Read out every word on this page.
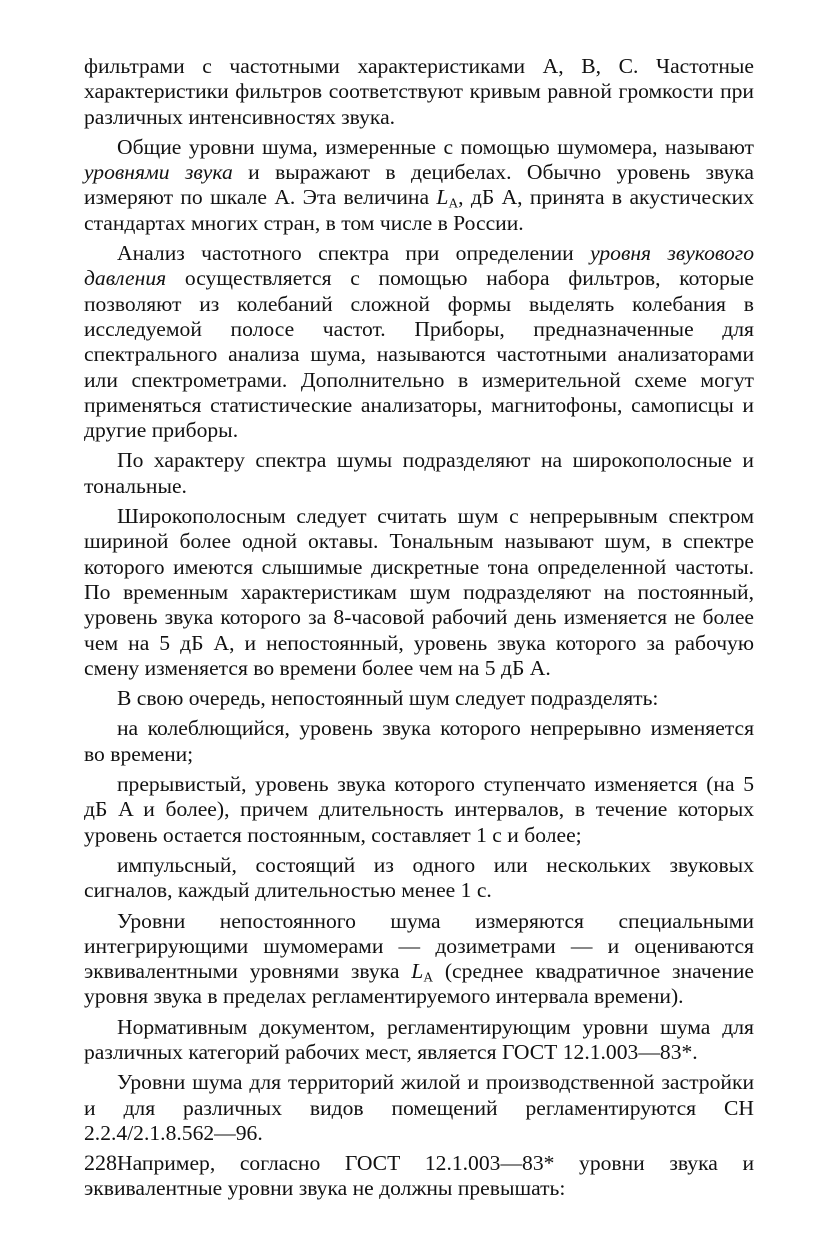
фильтрами с частотными характеристиками A, B, C. Частотные характеристики фильтров соответствуют кривым равной громкости при различных интенсивностях звука.

Общие уровни шума, измеренные с помощью шумомера, называют уровнями звука и выражают в децибелах. Обычно уровень звука измеряют по шкале A. Эта величина $L_A$, дБ A, принята в акустических стандартах многих стран, в том числе в России.

Анализ частотного спектра при определении уровня звукового давления осуществляется с помощью набора фильтров, которые позволяют из колебаний сложной формы выделять колебания в исследуемой полосе частот. Приборы, предназначенные для спектрального анализа шума, называются частотными анализаторами или спектрометрами. Дополнительно в измерительной схеме могут применяться статистические анализаторы, магнитофоны, самописцы и другие приборы.

По характеру спектра шумы подразделяют на широкополосные и тональные.

Широкополосным следует считать шум с непрерывным спектром шириной более одной октавы. Тональным называют шум, в спектре которого имеются слышимые дискретные тона определенной частоты. По временным характеристикам шум подразделяют на постоянный, уровень звука которого за 8-часовой рабочий день изменяется не более чем на 5 дБ A, и непостоянный, уровень звука которого за рабочую смену изменяется во времени более чем на 5 дБ A.

В свою очередь, непостоянный шум следует подразделять:

на колеблющийся, уровень звука которого непрерывно изменяется во времени;

прерывистый, уровень звука которого ступенчато изменяется (на 5 дБ A и более), причем длительность интервалов, в течение которых уровень остается постоянным, составляет 1 с и более;

импульсный, состоящий из одного или нескольких звуковых сигналов, каждый длительностью менее 1 с.

Уровни непостоянного шума измеряются специальными интегрирующими шумомерами — дозиметрами — и оцениваются эквивалентными уровнями звука $L_A$ (среднее квадратичное значение уровня звука в пределах регламентируемого интервала времени).

Нормативным документом, регламентирующим уровни шума для различных категорий рабочих мест, является ГОСТ 12.1.003—83*.

Уровни шума для территорий жилой и производственной застройки и для различных видов помещений регламентируются СН 2.2.4/2.1.8.562—96.

Например, согласно ГОСТ 12.1.003—83* уровни звука и эквивалентные уровни звука не должны превышать:

228
